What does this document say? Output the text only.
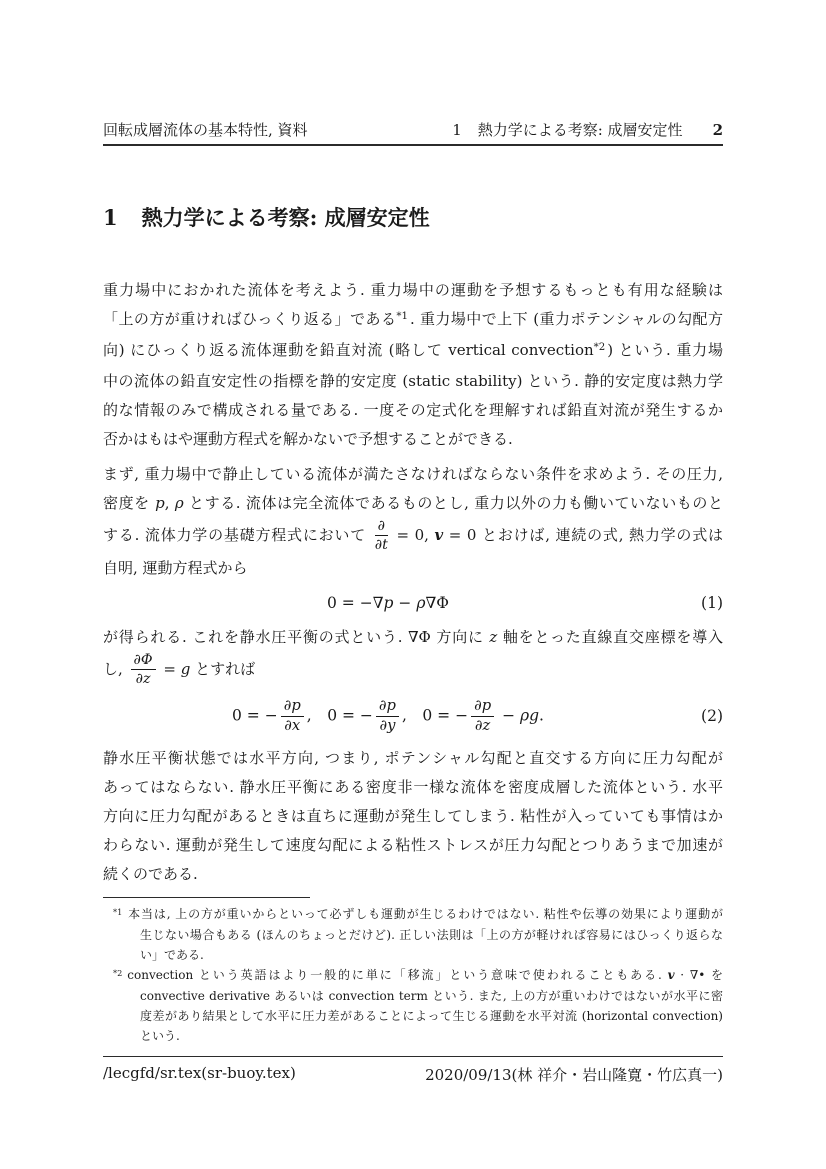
回転成層流体の基本特性, 資料	1 熱力学による考察: 成層安定性 2
1 熱力学による考察: 成層安定性
重力場中におかれた流体を考えよう. 重力場中の運動を予想するもっとも有用な経験は
「上の方が重ければひっくり返る」である$^{*1}$ . 重力場中で上下 (重力ポテンシャルの勾配方
向) にひっくり返る流体運動を鉛直対流 (略して vertical convection$^{*2}$ ) という. 重力場
中の流体の鉛直安定性の指標を静的安定度 (static stability) という. 静的安定度は熱力学
的な情報のみで構成される量である. 一度その定式化を理解すれば鉛直対流が発生するか
否かはもはや運動方程式を解かないで予想することができる.
まず, 重力場中で静止している流体が満たさなければならない条件を求めよう. その圧力,
密度を p, ρ とする. 流体は完全流体であるものとし, 重力以外の力も働いていないものと
する. 流体力学の基礎方程式において $\frac{\partial}{\partial t} = 0$, v = 0 とおけば, 連続の式, 熱力学の式は
自明, 運動方程式から
0 = −∇p − ρ∇Φ	(1)
が得られる. これを静水圧平衡の式という. ∇Φ 方向に z 軸をとった直線直交座標を導入
し, $\frac{\partial\Phi}{\partial z} = g$ とすれば
0 = − $\frac{\partial p}{\partial x}$ , 0 = − $\frac{\partial p}{\partial y}$ , 0 = − $\frac{\partial p}{\partial z} - \rho g$.	(2)
静水圧平衡状態では水平方向, つまり, ポテンシャル勾配と直交する方向に圧力勾配が
あってはならない. 静水圧平衡にある密度非一様な流体を密度成層した流体という. 水平
方向に圧力勾配があるときは直ちに運動が発生してしまう. 粘性が入っていても事情はか
わらない. 運動が発生して速度勾配による粘性ストレスが圧力勾配とつりあうまで加速が
続くのである.
$^{*1}$ 本当は, 上の方が重いからといって必ずしも運動が生じるわけではない. 粘性や伝導の効果により運動が
生じない場合もある (ほんのちょっとだけど). 正しい法則は「上の方が軽ければ容易にはひっくり返らな
い」である.
$^{*2}$ convection という英語はより一般的に単に「移流」という意味で使われることもある. v · ∇• を
convective derivative あるいは convection term という. また, 上の方が重いわけではないが水平に密
度差があり結果として水平に圧力差があることによって生じる運動を水平対流 (horizontal convection)
という.
/lecgfd/sr.tex(sr-buoy.tex)	2020/09/13(林 祥介・岩山隆寛・竹広真一)
